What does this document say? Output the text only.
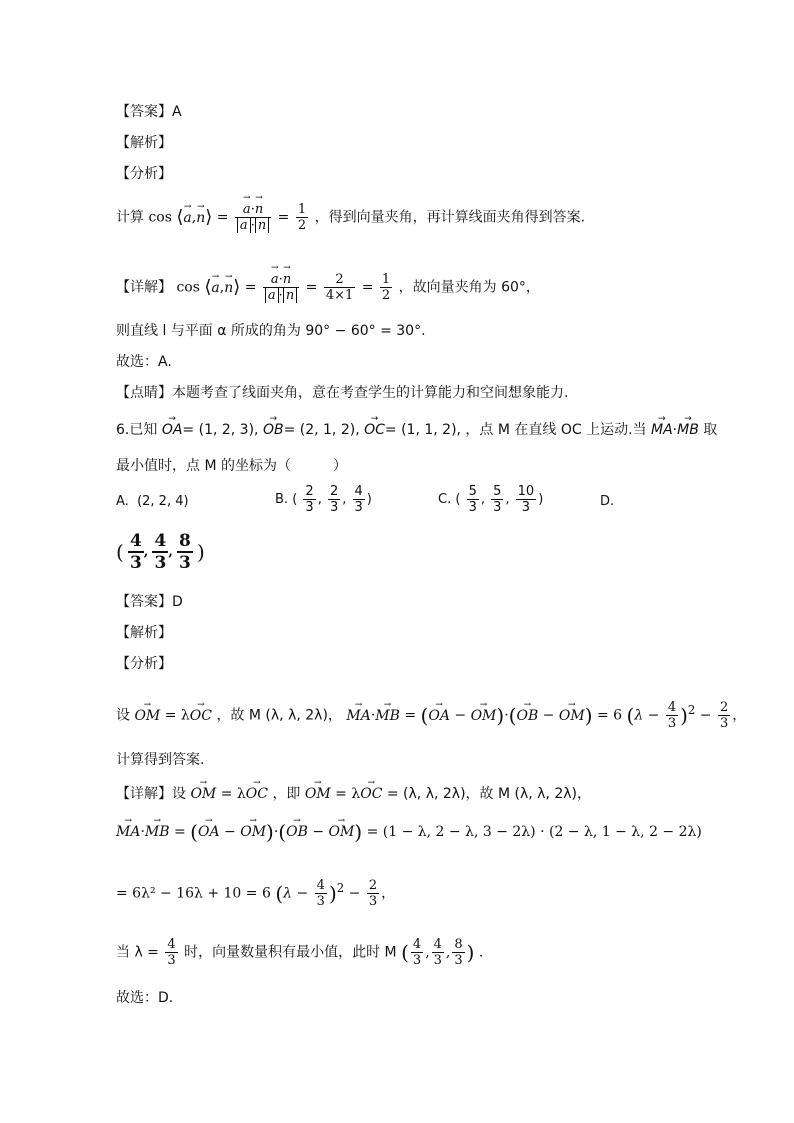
【答案】A
【解析】
【分析】
计算 cos ⟨→ a,→ n⟩ = → $\frac{a\cdot\to n}{a \cdot n} = \frac{1}{2}$ ，得到向量夹角，再计算线面夹角得到答案.
【详解】 cos ⟨→ a,→ n⟩ = → $\frac{a\cdot\to n}{a \cdot n} = \frac{2}{4\times 1} = \frac{1}{2}$ ，故向量夹角为 60°，
则直线 l 与平面 α 所成的角为 90° − 60° = 30°.
故选：A.
【点睛】本题考查了线面夹角，意在考查学生的计算能力和空间想象能力.
6.已知 → OA= (1, 2, 3), → OB= (2, 1, 2), → OC= (1, 1, 2), ，点 M 在直线 OC 上运动.当 → MA·→ MB 取
最小值时，点 M 的坐标为（　　　）
A. (2, 2, 4)	B. ( $\frac{2}{3}$ , $\frac{2}{3}$ , $\frac{4}{3}$ )	C. ( $\frac{5}{3}$ , $\frac{5}{3}$ , $\frac{10}{3}$ )	D.
( $\frac{4}{3}$ , $\frac{4}{3}$ , $\frac{8}{3}$ )
【答案】D
【解析】
【分析】
设 → OM = λ→ OC ，故 M (λ, λ, 2λ)， → MA·→ MB = (→ OA − → OM)·(→ OB − → OM) = 6 $(\lambda - \frac{4}{3} )^2 - \frac{2}{3}$ ，
计算得到答案.
【详解】设 → OM = λ→ OC ，即 → OM = λ→ OC = (λ, λ, 2λ)，故 M (λ, λ, 2λ)，
→ MA·→ MB = (→ OA − → OM)·(→ OB − → OM) = (1 − λ, 2 − λ, 3 − 2λ) · (2 − λ, 1 − λ, 2 − 2λ)
= 6λ² − 16λ + 10 = 6 $(\lambda - \frac{4}{3} )^2 - \frac{2}{3}$ ，
当 $\lambda = \frac{4}{3}$ 时，向量数量积有最小值，此时 M ( $\frac{4}{3}$ , $\frac{4}{3}$ , $\frac{8}{3}$ ) .
故选：D.
